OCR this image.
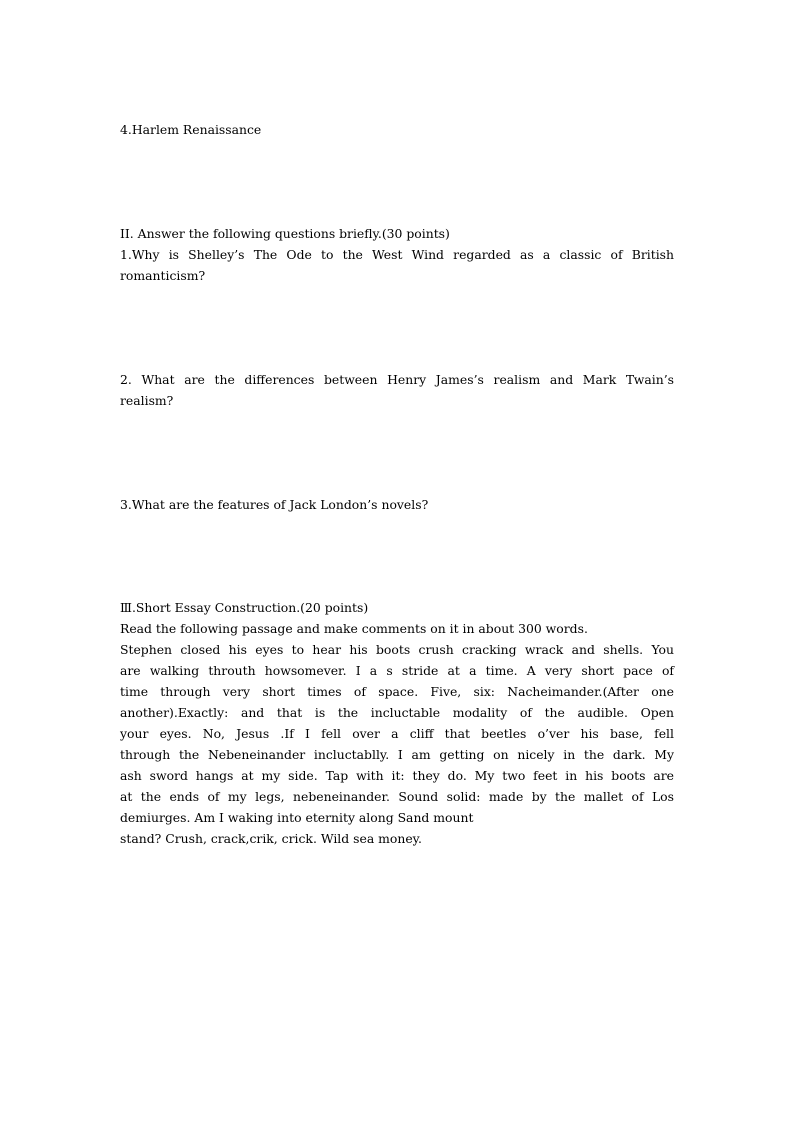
4.Harlem Renaissance
II. Answer the following questions briefly.(30 points)
1.Why is Shelley’s The Ode to the West Wind regarded as a classic of British
romanticism?
2. What are the differences between Henry James’s realism and Mark Twain’s
realism?
3.What are the features of Jack London’s novels?
Ⅲ.Short Essay Construction.(20 points)
Read the following passage and make comments on it in about 300 words.
Stephen closed his eyes to hear his boots crush cracking wrack and shells. You
are walking throuth howsomever. I a s stride at a time. A very short pace of
time through very short times of space. Five, six: Nacheimander.(After one
another).Exactly: and that is the incluctable modality of the audible. Open
your eyes. No, Jesus .If I fell over a cliff that beetles o’ver his base, fell
through the Nebeneinander incluctablly. I am getting on nicely in the dark. My
ash sword hangs at my side. Tap with it: they do. My two feet in his boots are
at the ends of my legs, nebeneinander. Sound solid: made by the mallet of Los
demiurges. Am I waking into eternity along Sand mount
stand? Crush, crack,crik, crick. Wild sea money.
